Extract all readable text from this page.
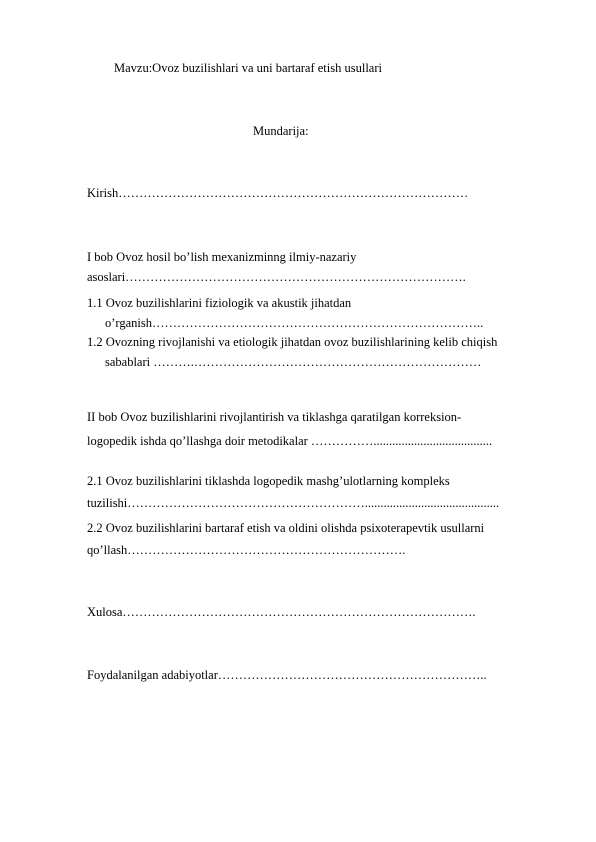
Mavzu:Ovoz buzilishlari va uni bartaraf etish usullari
Mundarija:
Kirish…………………………………………………………………………
I bob Ovoz hosil bo’lish mexanizminng ilmiy-nazariy
asoslari……………………………………………………………………….
1.1 Ovoz buzilishlarini fiziologik va akustik jihatdan
o’rganish……………………………………………………………………..
1.2 Ovozning rivojlanishi va etiologik jihatdan ovoz buzilishlarining kelib chiqish
sabablari ……….……………………………………………………………
II bob Ovoz buzilishlarini rivojlantirish va tiklashga qaratilgan korreksion-
logopedik ishda qo’llashga doir metodikalar ……………......................................
2.1 Ovoz buzilishlarini tiklashda logopedik mashg’ulotlarning kompleks
tuzilishi…………………………………………………...........................................
2.2 Ovoz buzilishlarini bartaraf etish va oldini olishda psixoterapevtik usullarni
qo’llash………………………………………………………….
Xulosa………………………………………………………………………….
Foydalanilgan adabiyotlar………………………………………………………..
